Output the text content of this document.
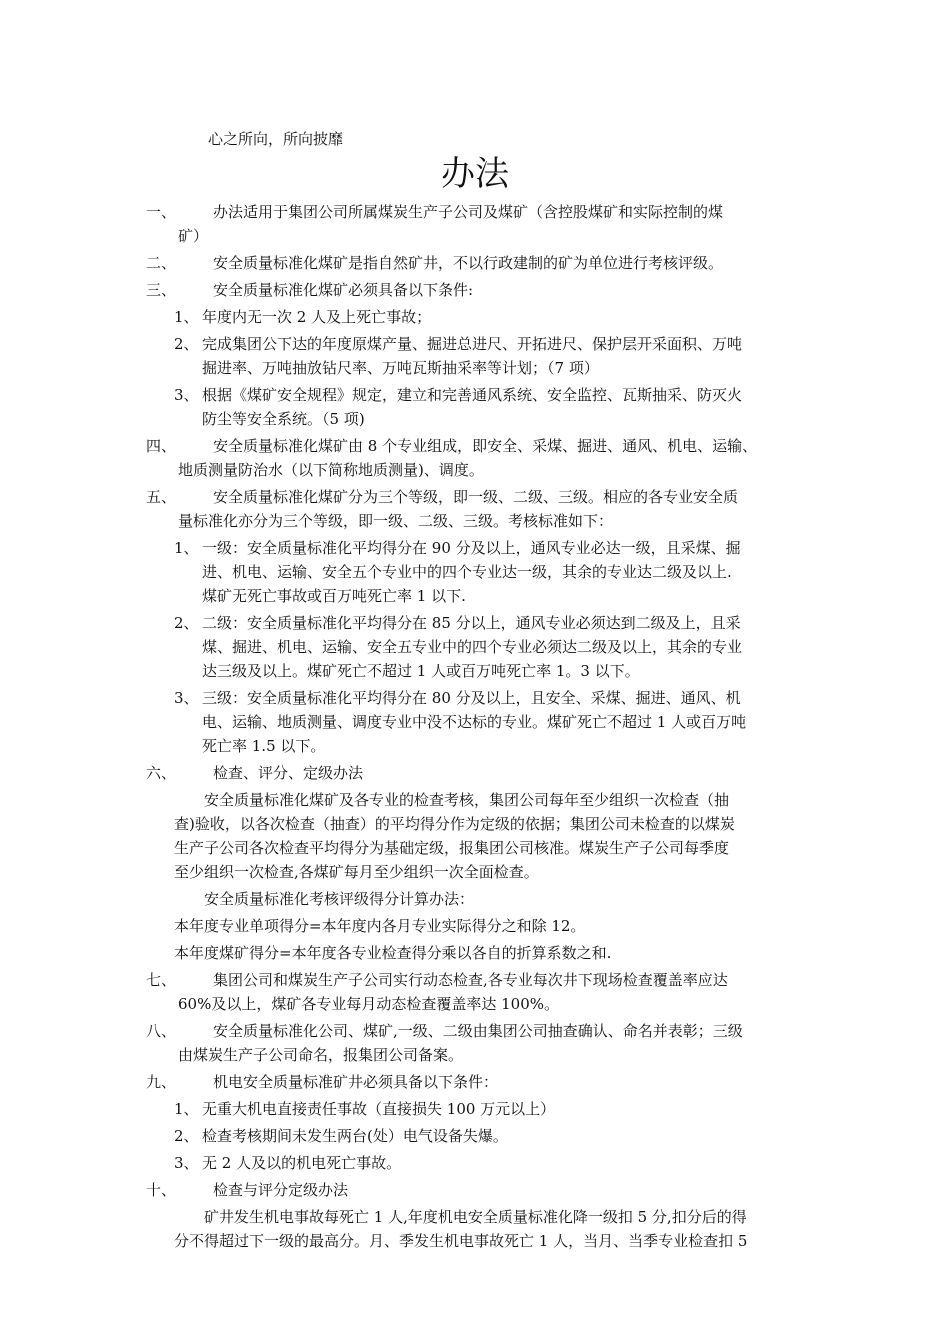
心之所向，所向披靡
办法
一、	办法适用于集团公司所属煤炭生产子公司及煤矿（含控股煤矿和实际控制的煤
矿）
二、	安全质量标准化煤矿是指自然矿井，不以行政建制的矿为单位进行考核评级。
三、	安全质量标准化煤矿必须具备以下条件:
1、 年度内无一次 2 人及上死亡事故；
2、 完成集团公下达的年度原煤产量、掘进总进尺、开拓进尺、保护层开采面积、万吨
掘进率、万吨抽放钻尺率、万吨瓦斯抽采率等计划；（7 项）
3、 根据《煤矿安全规程》规定，建立和完善通风系统、安全监控、瓦斯抽采、防灭火
防尘等安全系统。（5 项)
四、	安全质量标准化煤矿由 8 个专业组成，即安全、采煤、掘进、通风、机电、运输、
地质测量防治水（以下简称地质测量)、调度。
五、	安全质量标准化煤矿分为三个等级，即一级、二级、三级。相应的各专业安全质
量标准化亦分为三个等级，即一级、二级、三级。考核标准如下：
1、 一级：安全质量标准化平均得分在 90 分及以上，通风专业必达一级，且采煤、掘
进、机电、运输、安全五个专业中的四个专业达一级，其余的专业达二级及以上.
煤矿无死亡事故或百万吨死亡率 1 以下.
2、 二级：安全质量标准化平均得分在 85 分以上，通风专业必须达到二级及上，且采
煤、掘进、机电、运输、安全五专业中的四个专业必须达二级及以上，其余的专业
达三级及以上。煤矿死亡不超过 1 人或百万吨死亡率 1。3 以下。
3、 三级：安全质量标准化平均得分在 80 分及以上，且安全、采煤、掘进、通风、机
电、运输、地质测量、调度专业中没不达标的专业。煤矿死亡不超过 1 人或百万吨
死亡率 1.5 以下。
六、	检查、评分、定级办法
　　安全质量标准化煤矿及各专业的检查考核，集团公司每年至少组织一次检查（抽
查)验收，以各次检查（抽查）的平均得分作为定级的依据；集团公司未检查的以煤炭
生产子公司各次检查平均得分为基础定级，报集团公司核准。煤炭生产子公司每季度
至少组织一次检查,各煤矿每月至少组织一次全面检查。
　　安全质量标准化考核评级得分计算办法：
本年度专业单项得分=本年度内各月专业实际得分之和除 12。
本年度煤矿得分=本年度各专业检查得分乘以各自的折算系数之和.
七、	集团公司和煤炭生产子公司实行动态检查,各专业每次井下现场检查覆盖率应达
60%及以上，煤矿各专业每月动态检查覆盖率达 100%。
八、	安全质量标准化公司、煤矿,一级、二级由集团公司抽查确认、命名并表彰；三级
由煤炭生产子公司命名，报集团公司备案。
九、	机电安全质量标准矿井必须具备以下条件：
1、 无重大机电直接责任事故（直接损失 100 万元以上）
2、 检查考核期间未发生两台(处）电气设备失爆。
3、 无 2 人及以的机电死亡事故。
十、	检查与评分定级办法
　　矿井发生机电事故每死亡 1 人,年度机电安全质量标准化降一级扣 5 分,扣分后的得
分不得超过下一级的最高分。月、季发生机电事故死亡 1 人，当月、当季专业检查扣 5
